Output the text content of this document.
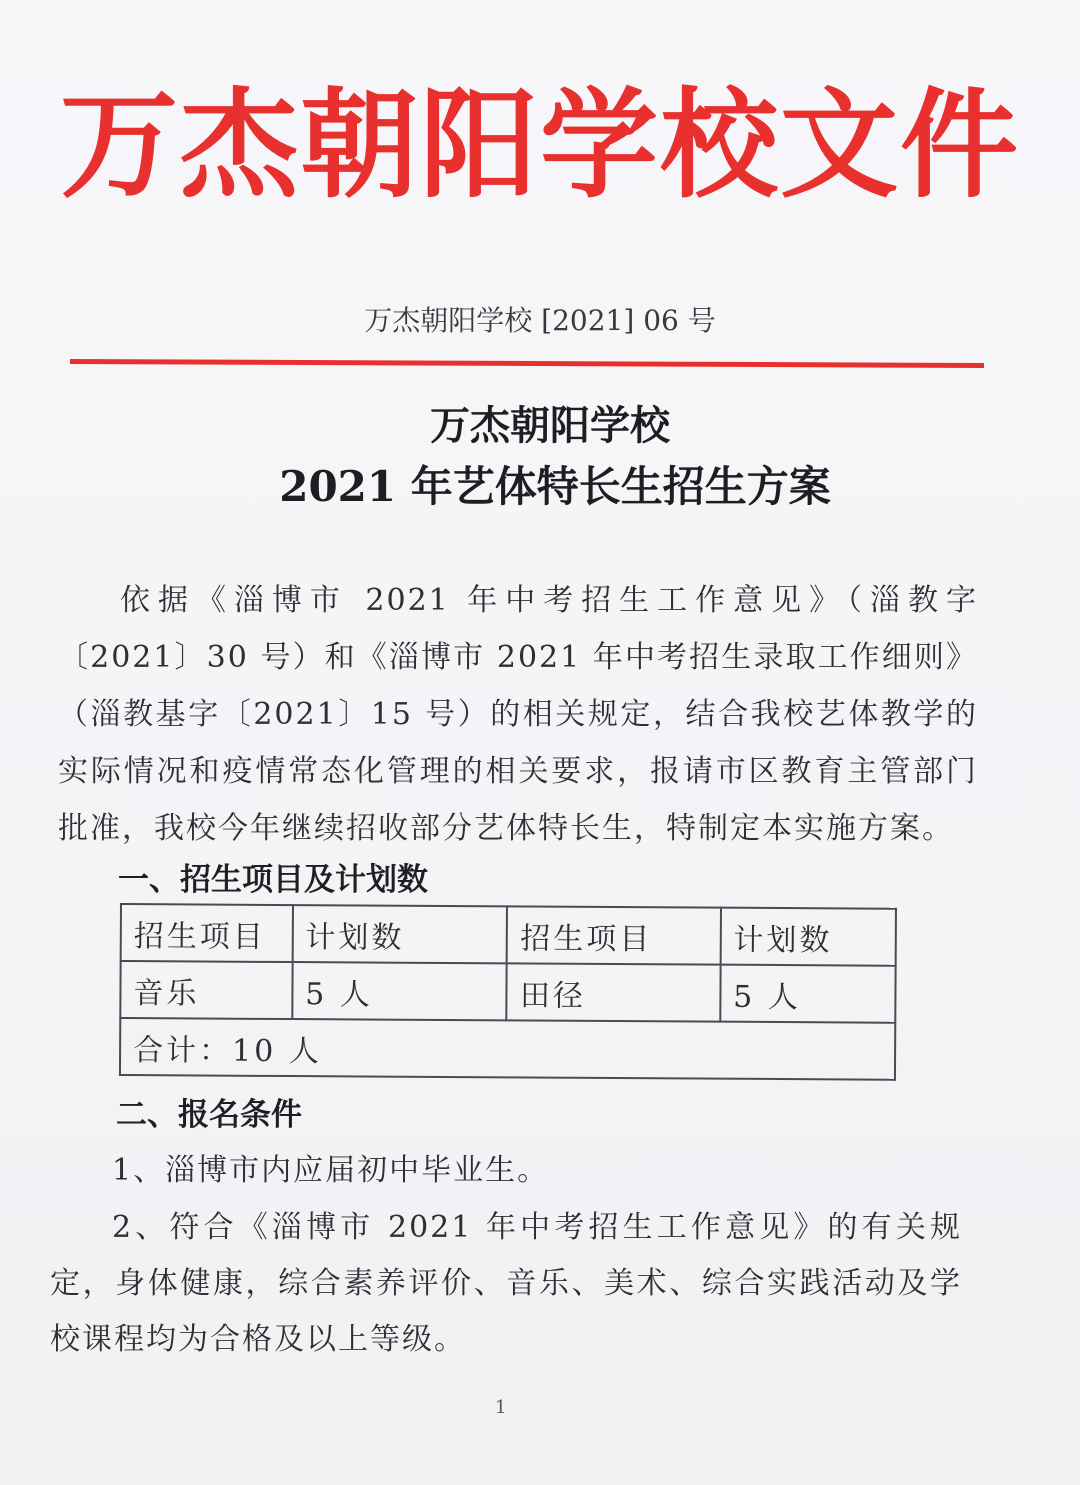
万杰朝阳学校文件
万杰朝阳学校 [2021] 06 号
万杰朝阳学校
2021 年艺体特长生招生方案
依据《淄博市 2021 年中考招生工作意见》（淄教字〔2021〕30 号）和《淄博市 2021 年中考招生录取工作细则》（淄教基字〔2021〕15 号）的相关规定，结合我校艺体教学的实际情况和疫情常态化管理的相关要求，报请市区教育主管部门批准，我校今年继续招收部分艺体特长生，特制定本实施方案。
一、招生项目及计划数
招生项目	计划数	招生项目	计划数
音乐	5 人	田径	5 人
合计：10 人			
二、报名条件
1、淄博市内应届初中毕业生。
2、符合《淄博市 2021 年中考招生工作意见》的有关规定，身体健康，综合素养评价、音乐、美术、综合实践活动及学校课程均为合格及以上等级。
1
